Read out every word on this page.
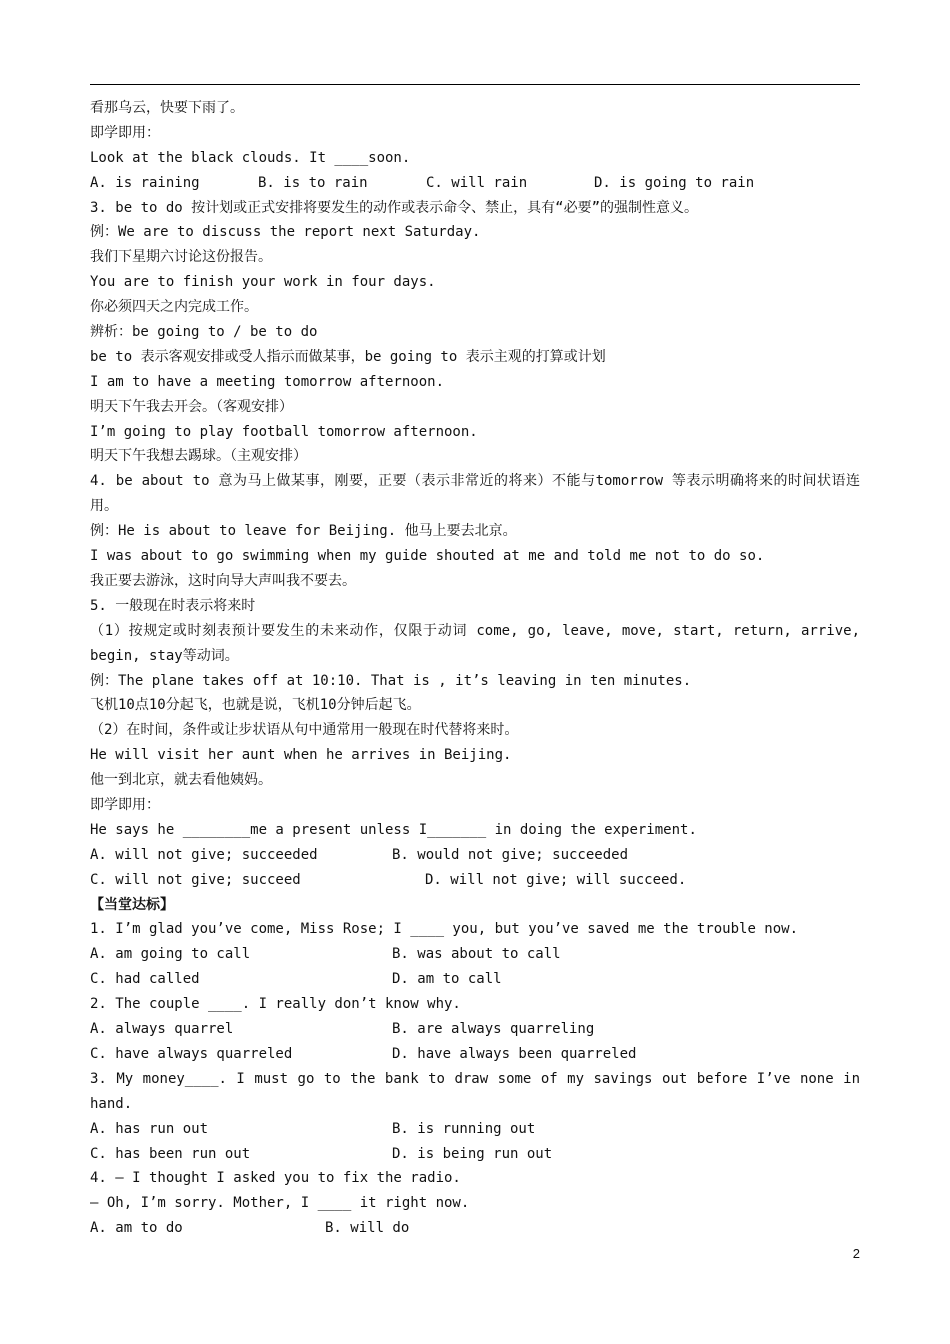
看那乌云，快要下雨了。
即学即用：
Look at the black clouds. It ____soon.
A. is raining	B. is to rain	C. will rain	D. is going to rain
3. be to do 按计划或正式安排将要发生的动作或表示命令、禁止，具有“必要”的强制性意义。
例：We are to discuss the report next Saturday.
我们下星期六讨论这份报告。
You are to finish your work in four days.
你必须四天之内完成工作。
辨析：be going to / be to do
be to 表示客观安排或受人指示而做某事，be going to 表示主观的打算或计划
I am to have a meeting tomorrow afternoon.
明天下午我去开会。（客观安排）
I’m going to play football tomorrow afternoon.
明天下午我想去踢球。（主观安排）
4. be about to 意为马上做某事，刚要，正要（表示非常近的将来）不能与tomorrow 等表示明确将来的时间状语连用。
例：He is about to leave for Beijing. 他马上要去北京。
I was about to go swimming when my guide shouted at me and told me not to do so.
我正要去游泳，这时向导大声叫我不要去。
5. 一般现在时表示将来时
（1）按规定或时刻表预计要发生的未来动作，仅限于动词 come, go, leave, move, start, return, arrive, begin, stay等动词。
例：The plane takes off at 10:10. That is , it’s leaving in ten minutes.
飞机10点10分起飞，也就是说，飞机10分钟后起飞。
（2）在时间，条件或让步状语从句中通常用一般现在时代替将来时。
He will visit her aunt when he arrives in Beijing.
他一到北京，就去看他姨妈。
即学即用：
He says he ________me a present unless I_______ in doing the experiment.
A. will not give; succeeded	B. would not give; succeeded
C. will not give; succeed	D. will not give; will succeed.
【当堂达标】
1. I’m glad you’ve come, Miss Rose; I ____ you, but you’ve saved me the trouble now.
A. am going to call	B. was about to call
C. had called	D. am to call
2. The couple ____. I really don’t know why.
A. always quarrel	B. are always quarreling
C. have always quarreled	D. have always been quarreled
3. My money____. I must go to the bank to draw some of my savings out before I’ve none in hand.
A. has run out	B. is running out
C. has been run out	D. is being run out
4. — I thought I asked you to fix the radio.
— Oh, I’m sorry. Mother, I ____ it right now.
A. am to do	B. will do
2
